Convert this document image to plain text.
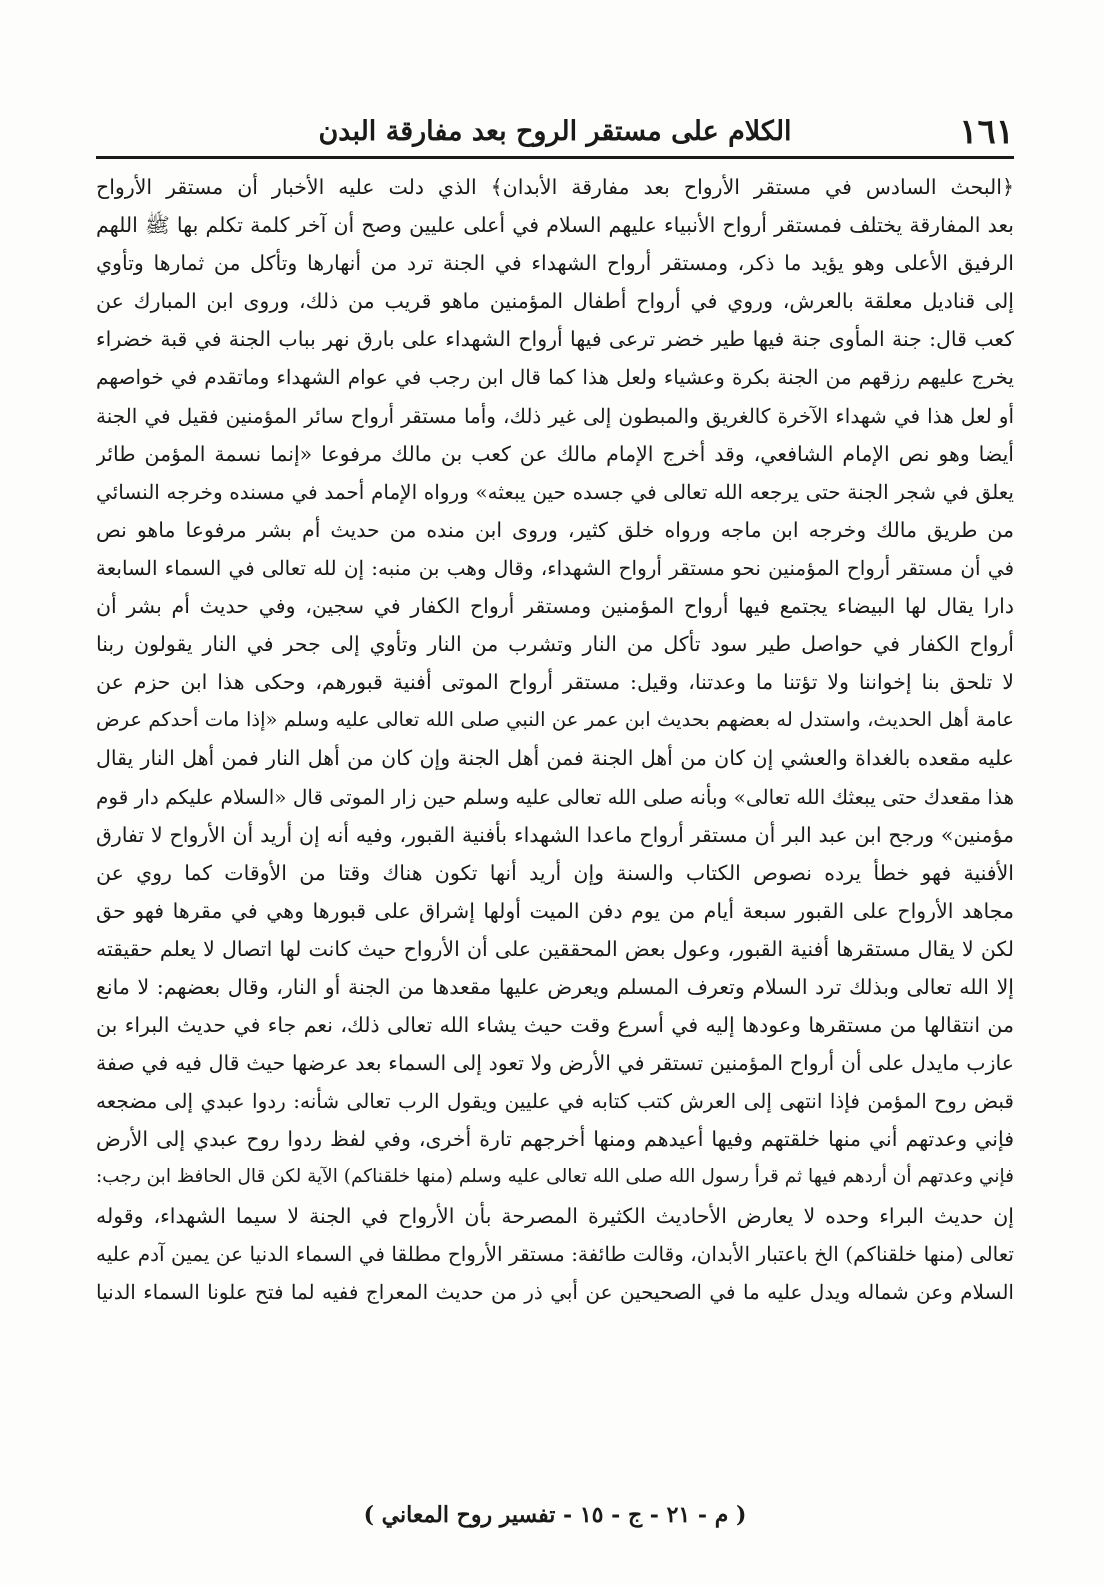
١٦١
الكلام على مستقر الروح بعد مفارقة البدن
﴿البحث السادس في مستقر الأرواح بعد مفارقة الأبدان﴾ الذي دلت عليه الأخبار أن مستقر الأرواح
بعد المفارقة يختلف فمستقر أرواح الأنبياء عليهم السلام في أعلى عليين وصح أن آخر كلمة تكلم بها ﷺ اللهم
الرفيق الأعلى وهو يؤيد ما ذكر، ومستقر أرواح الشهداء في الجنة ترد من أنهارها وتأكل من ثمارها وتأوي
إلى قناديل معلقة بالعرش، وروي في أرواح أطفال المؤمنين ماهو قريب من ذلك، وروى ابن المبارك عن
كعب قال: جنة المأوى جنة فيها طير خضر ترعى فيها أرواح الشهداء على بارق نهر بباب الجنة في قبة خضراء
يخرج عليهم رزقهم من الجنة بكرة وعشياء ولعل هذا كما قال ابن رجب في عوام الشهداء وماتقدم في خواصهم
أو لعل هذا في شهداء الآخرة كالغريق والمبطون إلى غير ذلك، وأما مستقر أرواح سائر المؤمنين فقيل في الجنة
أيضا وهو نص الإمام الشافعي، وقد أخرج الإمام مالك عن كعب بن مالك مرفوعا «إنما نسمة المؤمن طائر
يعلق في شجر الجنة حتى يرجعه الله تعالى في جسده حين يبعثه» ورواه الإمام أحمد في مسنده وخرجه النسائي
من طريق مالك وخرجه ابن ماجه ورواه خلق كثير، وروى ابن منده من حديث أم بشر مرفوعا ماهو نص
في أن مستقر أرواح المؤمنين نحو مستقر أرواح الشهداء، وقال وهب بن منبه: إن لله تعالى في السماء السابعة
دارا يقال لها البيضاء يجتمع فيها أرواح المؤمنين ومستقر أرواح الكفار في سجين، وفي حديث أم بشر أن
أرواح الكفار في حواصل طير سود تأكل من النار وتشرب من النار وتأوي إلى جحر في النار يقولون ربنا
لا تلحق بنا إخواننا ولا تؤتنا ما وعدتنا، وقيل: مستقر أرواح الموتى أفنية قبورهم، وحكى هذا ابن حزم عن
عامة أهل الحديث، واستدل له بعضهم بحديث ابن عمر عن النبي صلى الله تعالى عليه وسلم «إذا مات أحدكم عرض
عليه مقعده بالغداة والعشي إن كان من أهل الجنة فمن أهل الجنة وإن كان من أهل النار فمن أهل النار يقال
هذا مقعدك حتى يبعثك الله تعالى» وبأنه صلى الله تعالى عليه وسلم حين زار الموتى قال «السلام عليكم دار قوم
مؤمنين» ورجح ابن عبد البر أن مستقر أرواح ماعدا الشهداء بأفنية القبور، وفيه أنه إن أريد أن الأرواح لا تفارق
الأفنية فهو خطأ يرده نصوص الكتاب والسنة وإن أريد أنها تكون هناك وقتا من الأوقات كما روي عن
مجاهد الأرواح على القبور سبعة أيام من يوم دفن الميت أولها إشراق على قبورها وهي في مقرها فهو حق
لكن لا يقال مستقرها أفنية القبور، وعول بعض المحققين على أن الأرواح حيث كانت لها اتصال لا يعلم حقيقته
إلا الله تعالى وبذلك ترد السلام وتعرف المسلم ويعرض عليها مقعدها من الجنة أو النار، وقال بعضهم: لا مانع
من انتقالها من مستقرها وعودها إليه في أسرع وقت حيث يشاء الله تعالى ذلك، نعم جاء في حديث البراء بن
عازب مايدل على أن أرواح المؤمنين تستقر في الأرض ولا تعود إلى السماء بعد عرضها حيث قال فيه في صفة
قبض روح المؤمن فإذا انتهى إلى العرش كتب كتابه في عليين ويقول الرب تعالى شأنه: ردوا عبدي إلى مضجعه
فإني وعدتهم أني منها خلقتهم وفيها أعيدهم ومنها أخرجهم تارة أخرى، وفي لفظ ردوا روح عبدي إلى الأرض
فإني وعدتهم أن أردهم فيها ثم قرأ رسول الله صلى الله تعالى عليه وسلم (منها خلقناكم) الآية لكن قال الحافظ ابن رجب:
إن حديث البراء وحده لا يعارض الأحاديث الكثيرة المصرحة بأن الأرواح في الجنة لا سيما الشهداء، وقوله
تعالى (منها خلقناكم) الخ باعتبار الأبدان، وقالت طائفة: مستقر الأرواح مطلقا في السماء الدنيا عن يمين آدم عليه
السلام وعن شماله ويدل عليه ما في الصحيحين عن أبي ذر من حديث المعراج ففيه لما فتح علونا السماء الدنيا
( م - ٢١ - ج - ١٥ - تفسير روح المعاني )
